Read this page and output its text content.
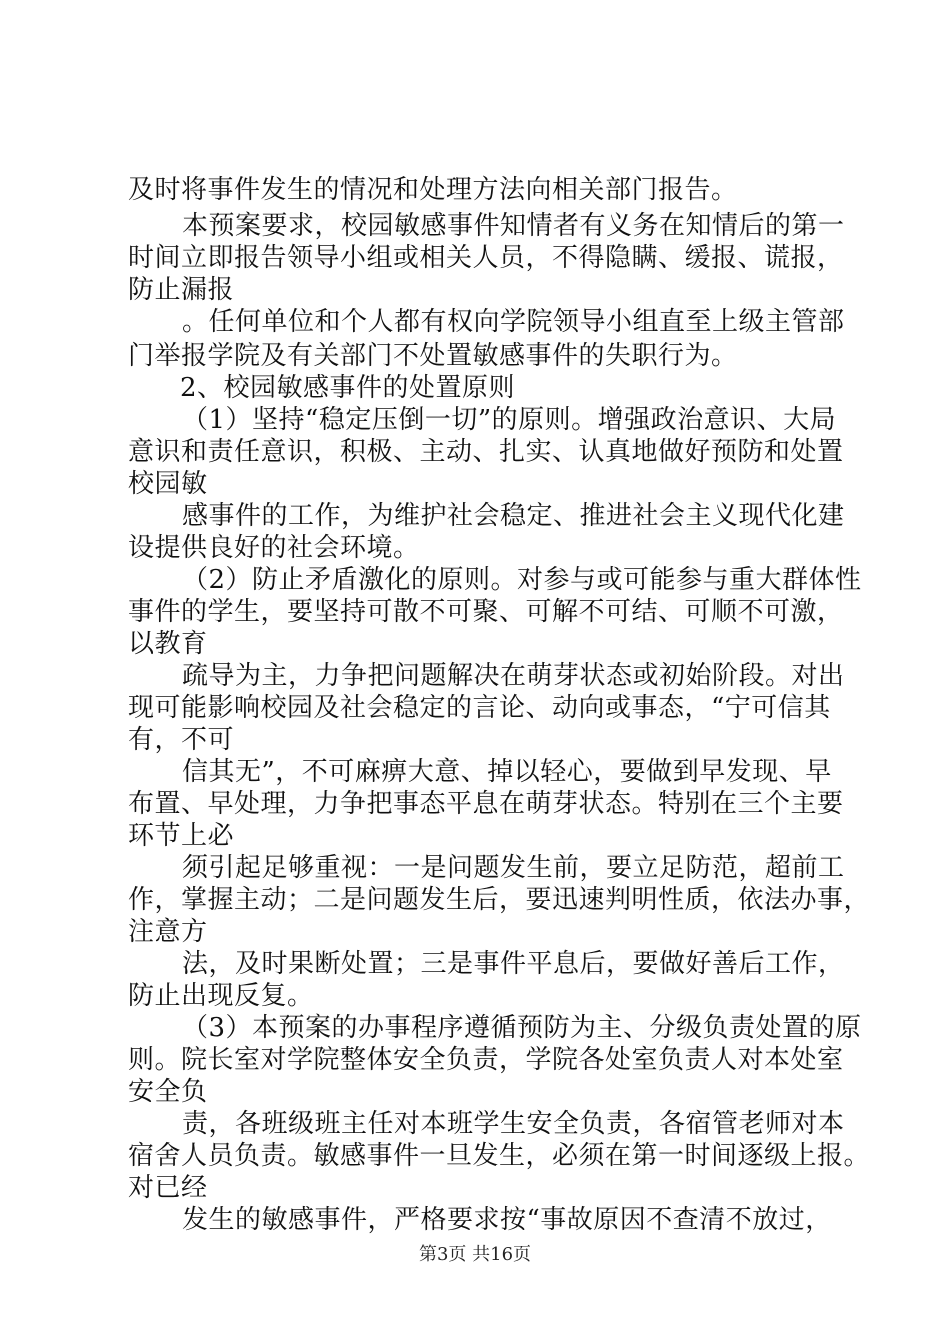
及时将事件发生的情况和处理方法向相关部门报告。
本预案要求，校园敏感事件知情者有义务在知情后的第一
时间立即报告领导小组或相关人员，不得隐瞒、缓报、谎报，
防止漏报
。任何单位和个人都有权向学院领导小组直至上级主管部
门举报学院及有关部门不处置敏感事件的失职行为。
2、校园敏感事件的处置原则
（1）坚持“稳定压倒一切”的原则。增强政治意识、大局
意识和责任意识，积极、主动、扎实、认真地做好预防和处置
校园敏
感事件的工作，为维护社会稳定、推进社会主义现代化建
设提供良好的社会环境。
（2）防止矛盾激化的原则。对参与或可能参与重大群体性
事件的学生，要坚持可散不可聚、可解不可结、可顺不可激，
以教育
疏导为主，力争把问题解决在萌芽状态或初始阶段。对出
现可能影响校园及社会稳定的言论、动向或事态，“宁可信其
有，不可
信其无”，不可麻痹大意、掉以轻心，要做到早发现、早
布置、早处理，力争把事态平息在萌芽状态。特别在三个主要
环节上必
须引起足够重视：一是问题发生前，要立足防范，超前工
作，掌握主动；二是问题发生后，要迅速判明性质，依法办事，
注意方
法，及时果断处置；三是事件平息后，要做好善后工作，
防止出现反复。
（3）本预案的办事程序遵循预防为主、分级负责处置的原
则。院长室对学院整体安全负责，学院各处室负责人对本处室
安全负
责，各班级班主任对本班学生安全负责，各宿管老师对本
宿舍人员负责。敏感事件一旦发生，必须在第一时间逐级上报。
对已经
发生的敏感事件，严格要求按“事故原因不查清不放过，
第3页 共16页
